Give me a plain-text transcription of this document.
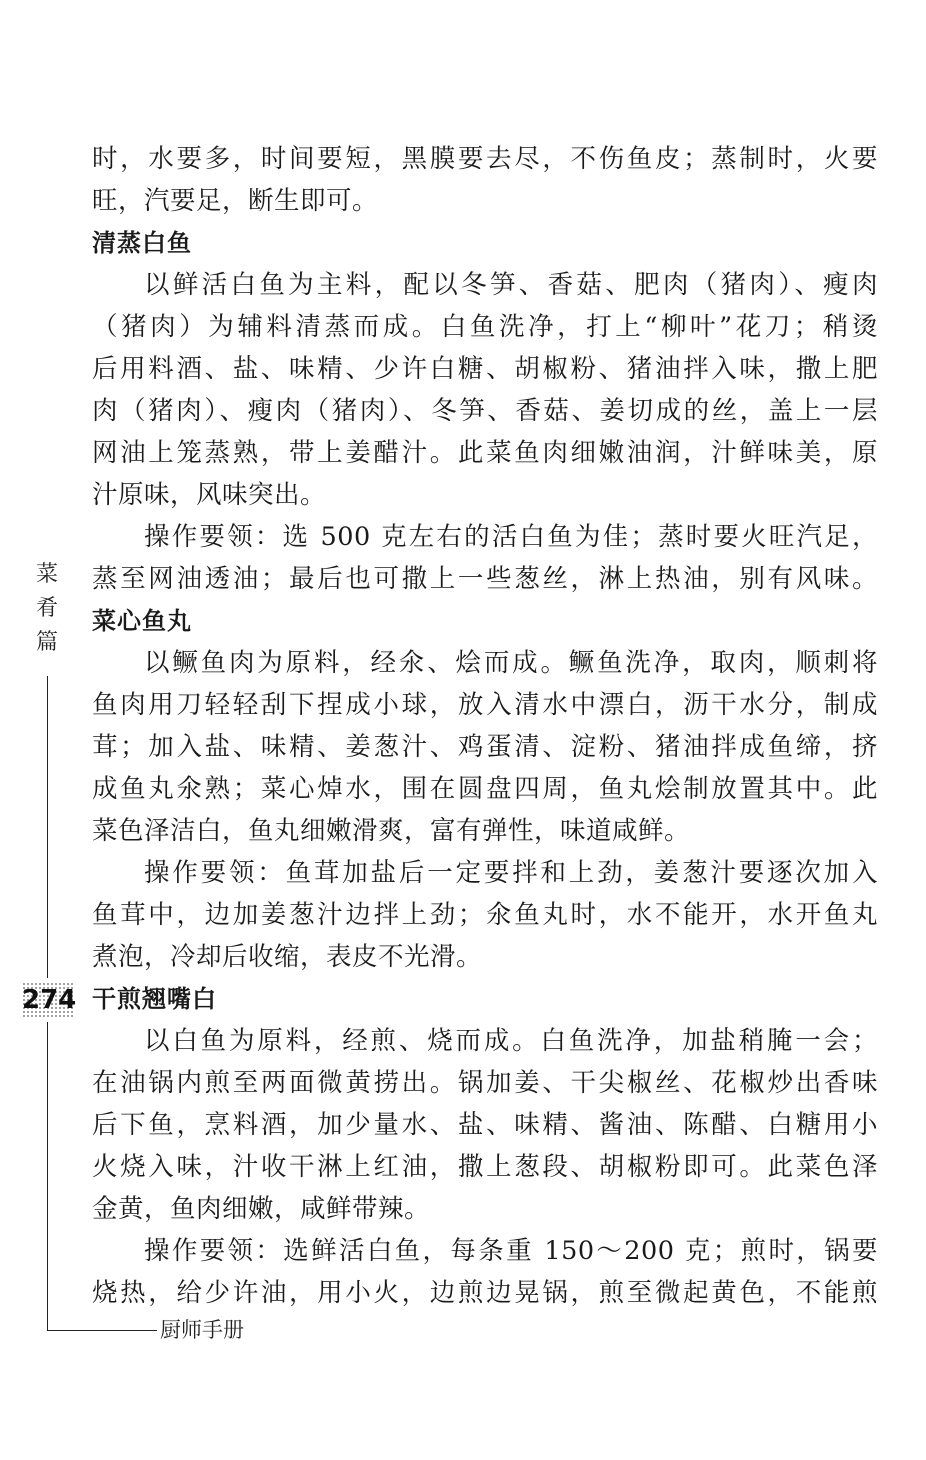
菜
肴
篇
274
厨师手册
时，水要多，时间要短，黑膜要去尽，不伤鱼皮；蒸制时，火要
旺，汽要足，断生即可。
清蒸白鱼
以鲜活白鱼为主料，配以冬笋、香菇、肥肉（猪肉）、瘦肉
（猪肉）为辅料清蒸而成。白鱼洗净，打上“柳叶”花刀；稍烫
后用料酒、盐、味精、少许白糖、胡椒粉、猪油拌入味，撒上肥
肉（猪肉）、瘦肉（猪肉）、冬笋、香菇、姜切成的丝，盖上一层
网油上笼蒸熟，带上姜醋汁。此菜鱼肉细嫩油润，汁鲜味美，原
汁原味，风味突出。
操作要领：选 500 克左右的活白鱼为佳；蒸时要火旺汽足，
蒸至网油透油；最后也可撒上一些葱丝，淋上热油，别有风味。
菜心鱼丸
以鳜鱼肉为原料，经氽、烩而成。鳜鱼洗净，取肉，顺刺将
鱼肉用刀轻轻刮下捏成小球，放入清水中漂白，沥干水分，制成
茸；加入盐、味精、姜葱汁、鸡蛋清、淀粉、猪油拌成鱼缔，挤
成鱼丸氽熟；菜心焯水，围在圆盘四周，鱼丸烩制放置其中。此
菜色泽洁白，鱼丸细嫩滑爽，富有弹性，味道咸鲜。
操作要领：鱼茸加盐后一定要拌和上劲，姜葱汁要逐次加入
鱼茸中，边加姜葱汁边拌上劲；氽鱼丸时，水不能开，水开鱼丸
煮泡，冷却后收缩，表皮不光滑。
干煎翘嘴白
以白鱼为原料，经煎、烧而成。白鱼洗净，加盐稍腌一会；
在油锅内煎至两面微黄捞出。锅加姜、干尖椒丝、花椒炒出香味
后下鱼，烹料酒，加少量水、盐、味精、酱油、陈醋、白糖用小
火烧入味，汁收干淋上红油，撒上葱段、胡椒粉即可。此菜色泽
金黄，鱼肉细嫩，咸鲜带辣。
操作要领：选鲜活白鱼，每条重 150～200 克；煎时，锅要
烧热，给少许油，用小火，边煎边晃锅，煎至微起黄色，不能煎
